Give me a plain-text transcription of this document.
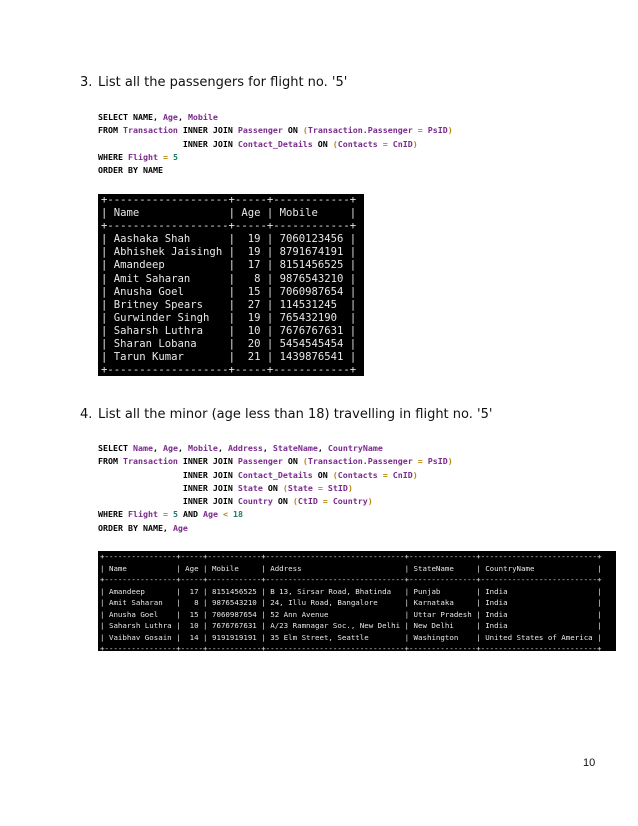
3. List all the passengers for flight no. '5'
SELECT NAME, Age, Mobile
FROM Transaction INNER JOIN Passenger ON (Transaction.Passenger = PsID)
INNER JOIN Contact_Details ON (Contacts = CnID)
WHERE Flight = 5
ORDER BY NAME
+-------------------+-----+------------+
| Name	| Age | Mobile     |
+-------------------+-----+------------+
| Aashaka Shah	|  19 | 7060123456 |
| Abhishek Jaisingh |  19 | 8791674191 |
| Amandeep	|  17 | 8151456525 |
| Amit Saharan	|   8 | 9876543210 |
| Anusha Goel	|  15 | 7060987654 |
| Britney Spears    |  27 | 114531245  |
| Gurwinder Singh   |  19 | 765432190  |
| Saharsh Luthra    |  10 | 7676767631 |
| Sharan Lobana     |  20 | 5454545454 |
| Tarun Kumar	|  21 | 1439876541 |
+-------------------+-----+------------+
4. List all the minor (age less than 18) travelling in flight no. '5'
SELECT Name, Age, Mobile, Address, StateName, CountryName
FROM Transaction INNER JOIN Passenger ON (Transaction.Passenger = PsID)
INNER JOIN Contact_Details ON (Contacts = CnID)
INNER JOIN State ON (State = StID)
INNER JOIN Country ON (CtID = Country)
WHERE Flight = 5 AND Age < 18
ORDER BY NAME, Age
+----------------+-----+------------+-------------------------------+---------------+--------------------------+
| Name	| Age | Mobile     | Address	| StateName     | CountryName	|
+----------------+-----+------------+-------------------------------+---------------+--------------------------+
| Amandeep	|  17 | 8151456525 | B 13, Sirsar Road, Bhatinda   | Punjab	| India	|
| Amit Saharan   |   8 | 9876543210 | 24, Illu Road, Bangalore	| Karnataka     | India	|
| Anusha Goel    |  15 | 7060987654 | 52 Ann Avenue	| Uttar Pradesh | India	|
| Saharsh Luthra |  10 | 7676767631 | A/23 Ramnagar Soc., New Delhi | New Delhi     | India	|
| Vaibhav Gosain |  14 | 9191919191 | 35 Elm Street, Seattle	| Washington    | United States of America |
+----------------+-----+------------+-------------------------------+---------------+--------------------------+
10
